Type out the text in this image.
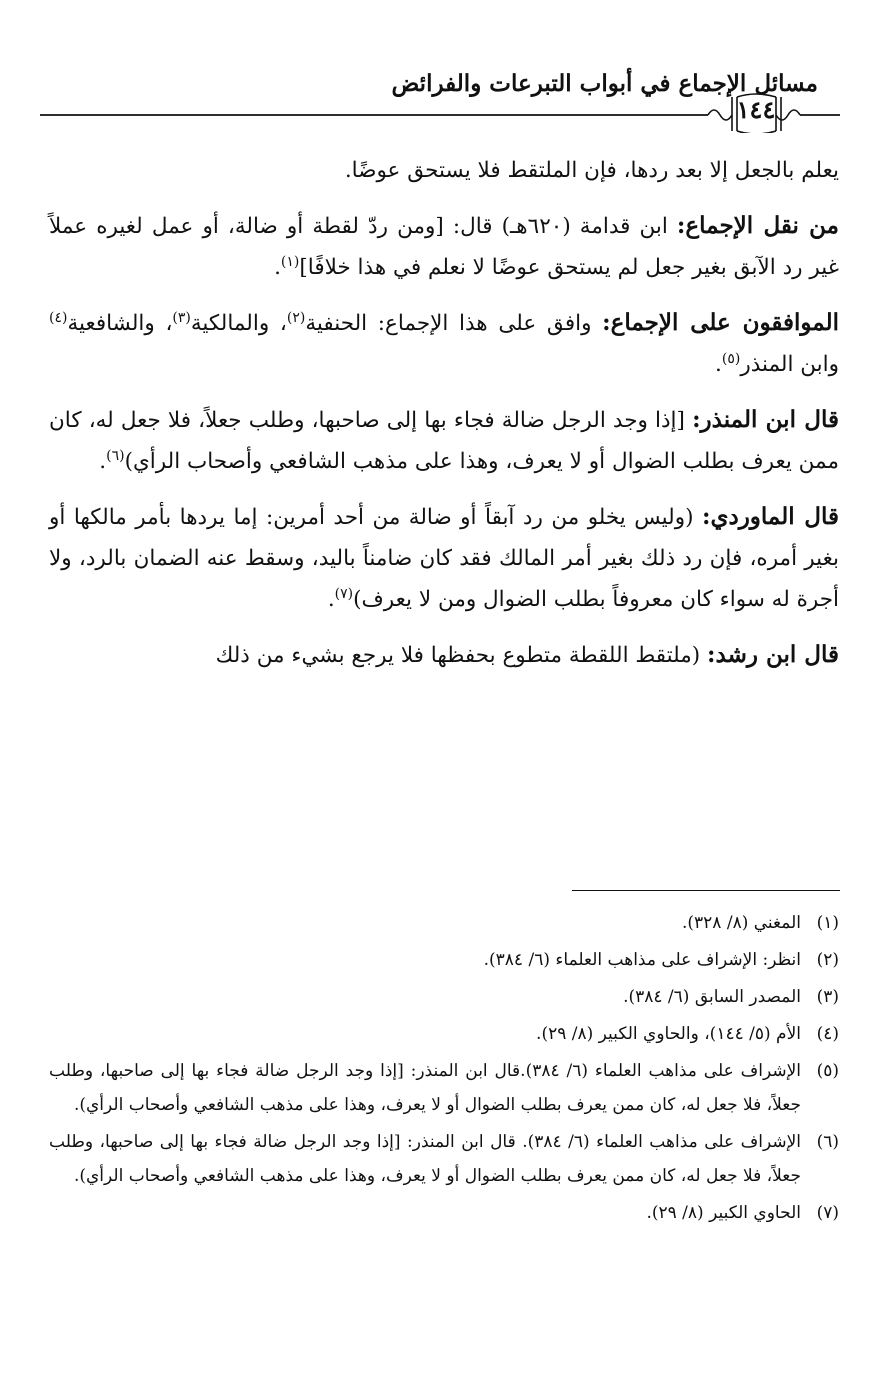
مسائل الإجماع في أبواب التبرعات والفرائض
١٤٤

يعلم بالجعل إلا بعد ردها، فإن الملتقط فلا يستحق عوضًا.

من نقل الإجماع: ابن قدامة (٦٢٠هـ) قال: [ومن ردّ لقطة أو ضالة، أو عمل لغيره عملاً غير رد الآبق بغير جعل لم يستحق عوضًا لا نعلم في هذا خلافًا]$^{(١)}$.

الموافقون على الإجماع: وافق على هذا الإجماع: الحنفية$^{(٢)}$، والمالكية$^{(٣)}$، والشافعية$^{(٤)}$ وابن المنذر$^{(٥)}$.

قال ابن المنذر: [إذا وجد الرجل ضالة فجاء بها إلى صاحبها، وطلب جعلاً، فلا جعل له، كان ممن يعرف بطلب الضوال أو لا يعرف، وهذا على مذهب الشافعي وأصحاب الرأي)$^{(٦)}$.

قال الماوردي: (وليس يخلو من رد آبقاً أو ضالة من أحد أمرين: إما يردها بأمر مالكها أو بغير أمره، فإن رد ذلك بغير أمر المالك فقد كان ضامناً باليد، وسقط عنه الضمان بالرد، ولا أجرة له سواء كان معروفاً بطلب الضوال ومن لا يعرف)$^{(٧)}$.

قال ابن رشد: (ملتقط اللقطة متطوع بحفظها فلا يرجع بشيء من ذلك

(١)
المغني (٨/ ٣٢٨).
(٢)
انظر: الإشراف على مذاهب العلماء (٦/ ٣٨٤).
(٣)
المصدر السابق (٦/ ٣٨٤).
(٤)
الأم (٥/ ١٤٤)، والحاوي الكبير (٨/ ٢٩).
(٥)
الإشراف على مذاهب العلماء (٦/ ٣٨٤).قال ابن المنذر: [إذا وجد الرجل ضالة فجاء بها إلى صاحبها، وطلب جعلاً، فلا جعل له، كان ممن يعرف بطلب الضوال أو لا يعرف، وهذا على مذهب الشافعي وأصحاب الرأي).
(٦)
الإشراف على مذاهب العلماء (٦/ ٣٨٤). قال ابن المنذر: [إذا وجد الرجل ضالة فجاء بها إلى صاحبها، وطلب جعلاً، فلا جعل له، كان ممن يعرف بطلب الضوال أو لا يعرف، وهذا على مذهب الشافعي وأصحاب الرأي).
(٧)
الحاوي الكبير (٨/ ٢٩).
